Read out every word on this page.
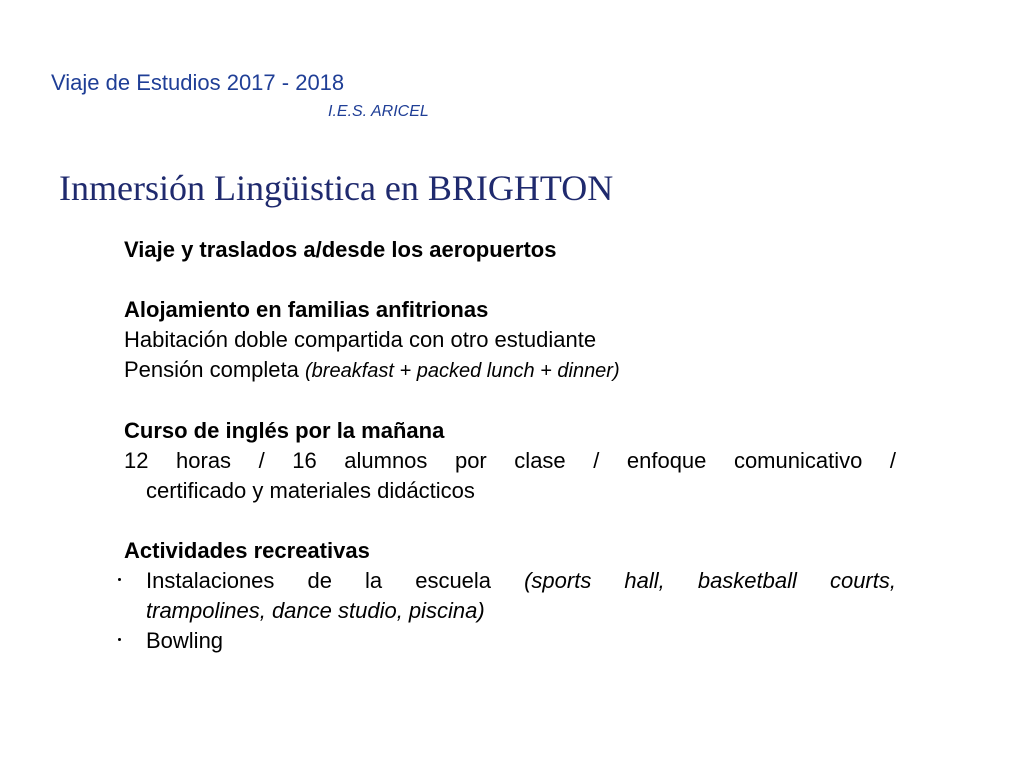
Viaje de Estudios 2017 - 2018
I.E.S. ARICEL
Inmersión Lingüistica en BRIGHTON
Viaje y traslados a/desde los aeropuertos
Alojamiento en familias anfitrionas
Habitación doble compartida con otro estudiante
Pensión completa (breakfast + packed lunch + dinner)
Curso de inglés por la mañana
12 horas / 16 alumnos por clase / enfoque comunicativo /
certificado y materiales didácticos
Actividades recreativas
Instalaciones de la escuela (sports hall, basketball courts,
trampolines, dance studio, piscina)
Bowling
